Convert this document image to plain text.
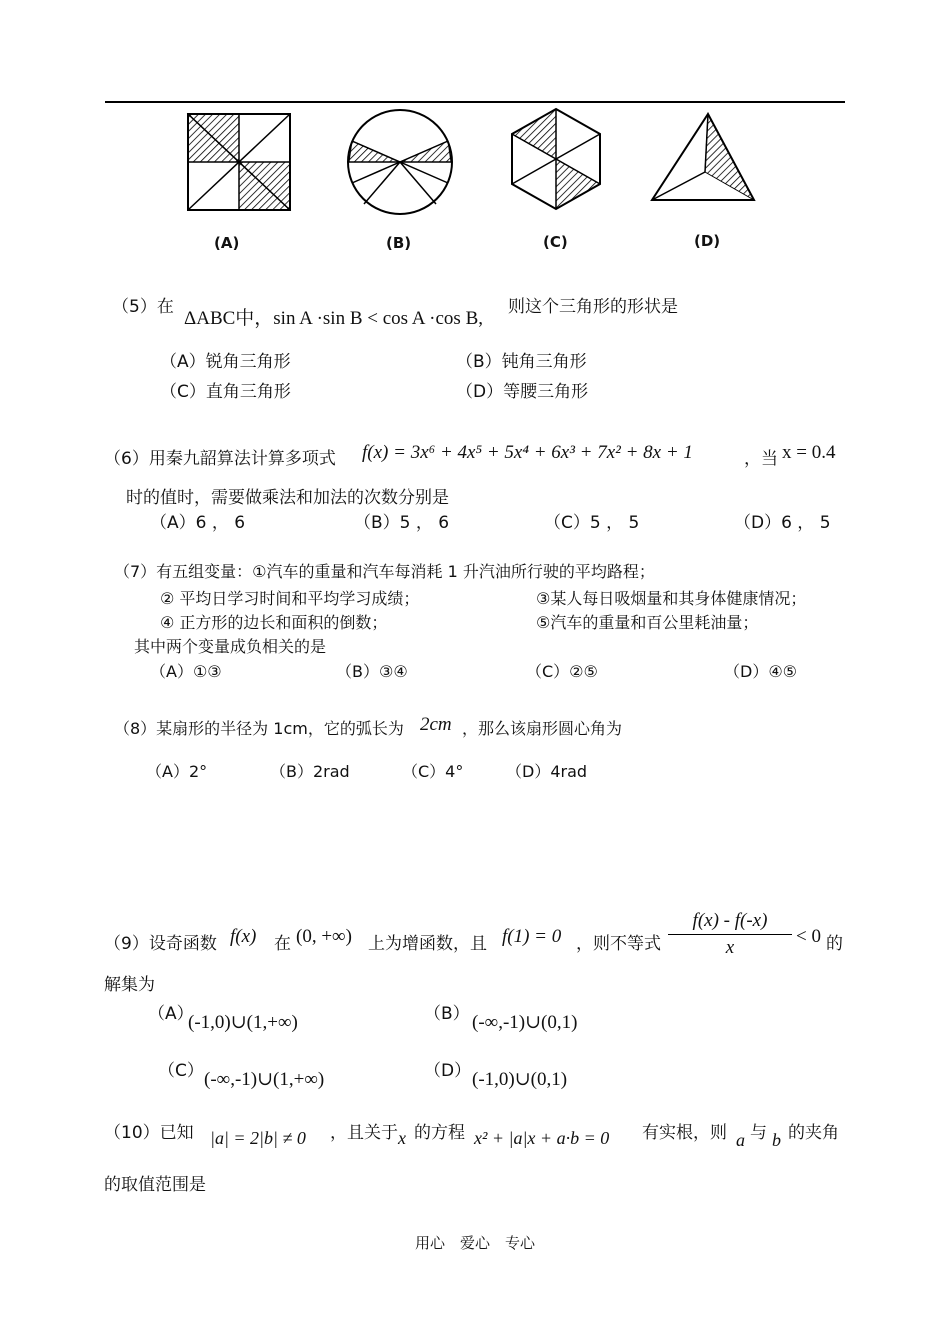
(A)	(B)	(C)	(D)
（5）在
ΔABC中，sin A ·sin B < cos A ·cos B,
则这个三角形的形状是
（A）锐角三角形	（B）钝角三角形
（C）直角三角形	（D）等腰三角形
（6）用秦九韶算法计算多项式 f(x) = 3x⁶ + 4x⁵ + 5x⁴ + 6x³ + 7x² + 8x + 1	，当 x = 0.4
时的值时，需要做乘法和加法的次数分别是
（A）6 ， 6	（B）5 ， 6	（C）5 ， 5	（D）6 ， 5
（7）有五组变量：①汽车的重量和汽车每消耗 1 升汽油所行驶的平均路程；
② 平均日学习时间和平均学习成绩；	③某人每日吸烟量和其身体健康情况；
④ 正方形的边长和面积的倒数；	⑤汽车的重量和百公里耗油量；
其中两个变量成负相关的是
（A）①③	（B）③④	（C）②⑤	（D）④⑤
（8）某扇形的半径为 1cm，它的弧长为 2cm ，那么该扇形圆心角为
（A）2°	（B）2rad	（C）4°	（D）4rad
（9）设奇函数 f(x) 在 (0, +∞) 上为增函数，且 f(1) = 0 ，则不等式
f(x) - f(-x)
x
< 0 的
解集为
（A）
(-1,0)∪(1,+∞)	（B） (-∞,-1)∪(0,1)
（C） (-∞,-1)∪(1,+∞)	（D） (-1,0)∪(0,1)
（10）已知 |a| = 2|b| ≠ 0 ，且关于 x 的方程 x² + |a|x + a·b = 0 有实根，则 a 与 b 的夹角
的取值范围是
用心　爱心　专心
